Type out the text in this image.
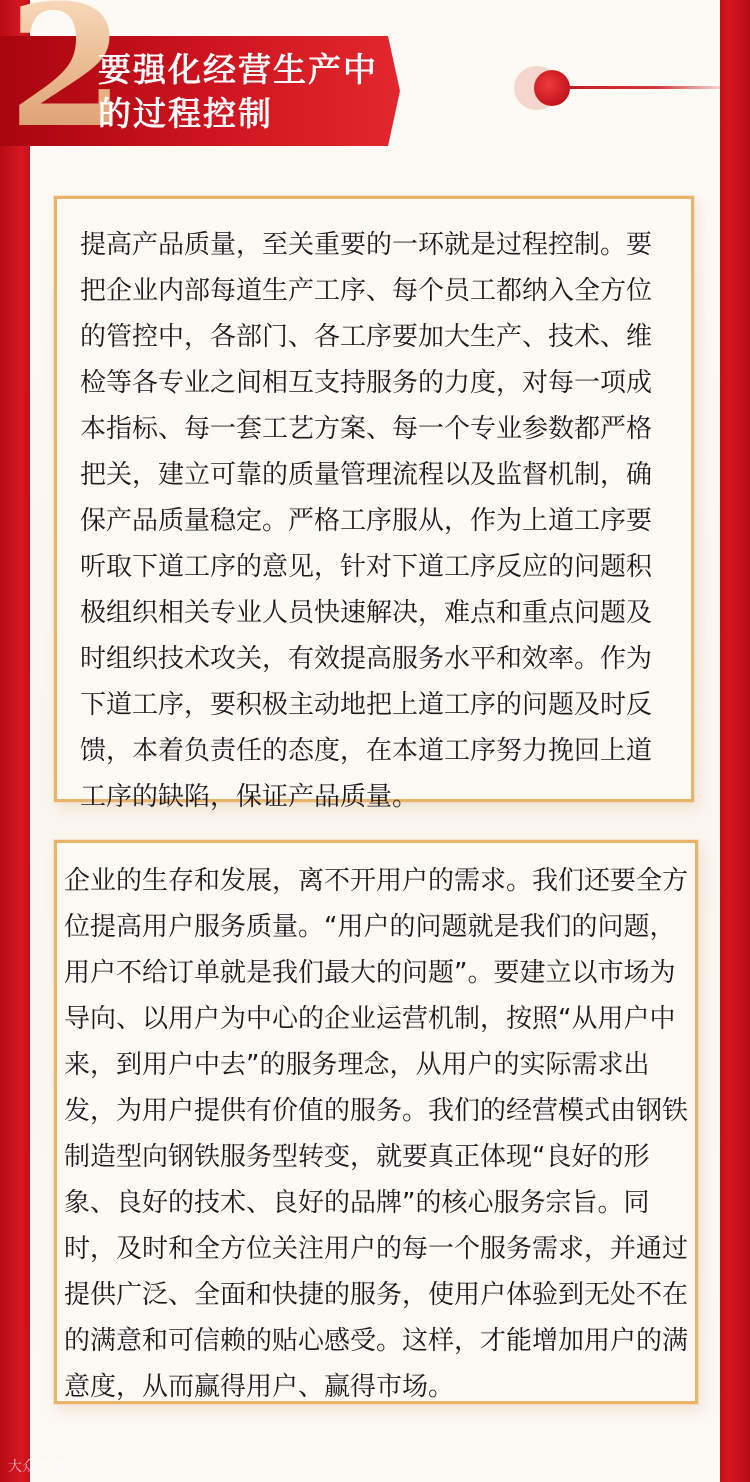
2
要强化经营生产中
的过程控制
提高产品质量，至关重要的一环就是过程控制。要
把企业内部每道生产工序、每个员工都纳入全方位
的管控中，各部门、各工序要加大生产、技术、维
检等各专业之间相互支持服务的力度，对每一项成
本指标、每一套工艺方案、每一个专业参数都严格
把关，建立可靠的质量管理流程以及监督机制，确
保产品质量稳定。严格工序服从，作为上道工序要
听取下道工序的意见，针对下道工序反应的问题积
极组织相关专业人员快速解决，难点和重点问题及
时组织技术攻关，有效提高服务水平和效率。作为
下道工序，要积极主动地把上道工序的问题及时反
馈，本着负责任的态度，在本道工序努力挽回上道
工序的缺陷，保证产品质量。
企业的生存和发展，离不开用户的需求。我们还要全方
位提高用户服务质量。“用户的问题就是我们的问题，
用户不给订单就是我们最大的问题”。要建立以市场为
导向、以用户为中心的企业运营机制，按照“从用户中
来，到用户中去”的服务理念，从用户的实际需求出
发，为用户提供有价值的服务。我们的经营模式由钢铁
制造型向钢铁服务型转变，就要真正体现“良好的形
象、良好的技术、良好的品牌”的核心服务宗旨。同
时，及时和全方位关注用户的每一个服务需求，并通过
提供广泛、全面和快捷的服务，使用户体验到无处不在
的满意和可信赖的贴心感受。这样，才能增加用户的满
意度，从而赢得用户、赢得市场。
大众跨境
